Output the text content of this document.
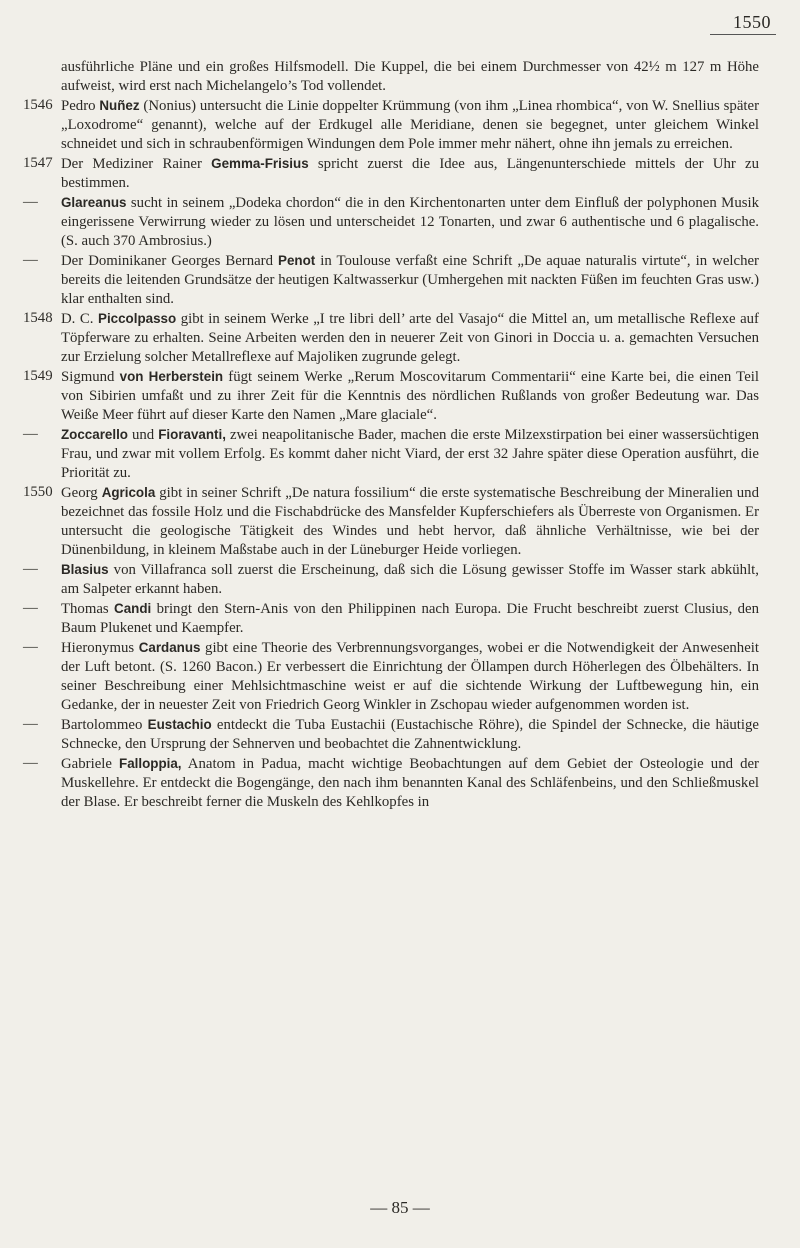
1550
ausführliche Pläne und ein großes Hilfsmodell. Die Kuppel, die bei einem Durchmesser von 42½ m 127 m Höhe aufweist, wird erst nach Michelangelo’s Tod vollendet.
1546 Pedro Nuñez (Nonius) untersucht die Linie doppelter Krümmung (von ihm „Linea rhombica“, von W. Snellius später „Loxodrome“ genannt), welche auf der Erdkugel alle Meridiane, denen sie begegnet, unter gleichem Winkel schneidet und sich in schraubenförmigen Windungen dem Pole immer mehr nähert, ohne ihn jemals zu erreichen.
1547 Der Mediziner Rainer Gemma-Frisius spricht zuerst die Idee aus, Längenunterschiede mittels der Uhr zu bestimmen.
—	Glareanus sucht in seinem „Dodeka chordon“ die in den Kirchentonarten unter dem Einfluß der polyphonen Musik eingerissene Verwirrung wieder zu lösen und unterscheidet 12 Tonarten, und zwar 6 authentische und 6 plagalische. (S. auch 370 Ambrosius.)
—	Der Dominikaner Georges Bernard Penot in Toulouse verfaßt eine Schrift „De aquae naturalis virtute“, in welcher bereits die leitenden Grundsätze der heutigen Kaltwasserkur (Umhergehen mit nackten Füßen im feuchten Gras usw.) klar enthalten sind.
1548 D. C. Piccolpasso gibt in seinem Werke „I tre libri dell’ arte del Vasajo“ die Mittel an, um metallische Reflexe auf Töpferware zu erhalten. Seine Arbeiten werden den in neuerer Zeit von Ginori in Doccia u. a. gemachten Versuchen zur Erzielung solcher Metallreflexe auf Majoliken zugrunde gelegt.
1549 Sigmund von Herberstein fügt seinem Werke „Rerum Moscovitarum Commentarii“ eine Karte bei, die einen Teil von Sibirien umfaßt und zu ihrer Zeit für die Kenntnis des nördlichen Rußlands von großer Bedeutung war. Das Weiße Meer führt auf dieser Karte den Namen „Mare glaciale“.
—	Zoccarello und Fioravanti, zwei neapolitanische Bader, machen die erste Milzexstirpation bei einer wassersüchtigen Frau, und zwar mit vollem Erfolg. Es kommt daher nicht Viard, der erst 32 Jahre später diese Operation ausführt, die Priorität zu.
1550 Georg Agricola gibt in seiner Schrift „De natura fossilium“ die erste systematische Beschreibung der Mineralien und bezeichnet das fossile Holz und die Fischabdrücke des Mansfelder Kupferschiefers als Überreste von Organismen. Er untersucht die geologische Tätigkeit des Windes und hebt hervor, daß ähnliche Verhältnisse, wie bei der Dünenbildung, in kleinem Maßstabe auch in der Lüneburger Heide vorliegen.
—	Blasius von Villafranca soll zuerst die Erscheinung, daß sich die Lösung gewisser Stoffe im Wasser stark abkühlt, am Salpeter erkannt haben.
—	Thomas Candi bringt den Stern-Anis von den Philippinen nach Europa. Die Frucht beschreibt zuerst Clusius, den Baum Plukenet und Kaempfer.
—	Hieronymus Cardanus gibt eine Theorie des Verbrennungsvorganges, wobei er die Notwendigkeit der Anwesenheit der Luft betont. (S. 1260 Bacon.) Er verbessert die Einrichtung der Öllampen durch Höherlegen des Ölbehälters. In seiner Beschreibung einer Mehlsichtmaschine weist er auf die sichtende Wirkung der Luftbewegung hin, ein Gedanke, der in neuester Zeit von Friedrich Georg Winkler in Zschopau wieder aufgenommen worden ist.
—	Bartolommeo Eustachio entdeckt die Tuba Eustachii (Eustachische Röhre), die Spindel der Schnecke, die häutige Schnecke, den Ursprung der Sehnerven und beobachtet die Zahnentwicklung.
—	Gabriele Falloppia, Anatom in Padua, macht wichtige Beobachtungen auf dem Gebiet der Osteologie und der Muskellehre. Er entdeckt die Bogengänge, den nach ihm benannten Kanal des Schläfenbeins, und den Schließmuskel der Blase. Er beschreibt ferner die Muskeln des Kehlkopfes in
— 85 —
